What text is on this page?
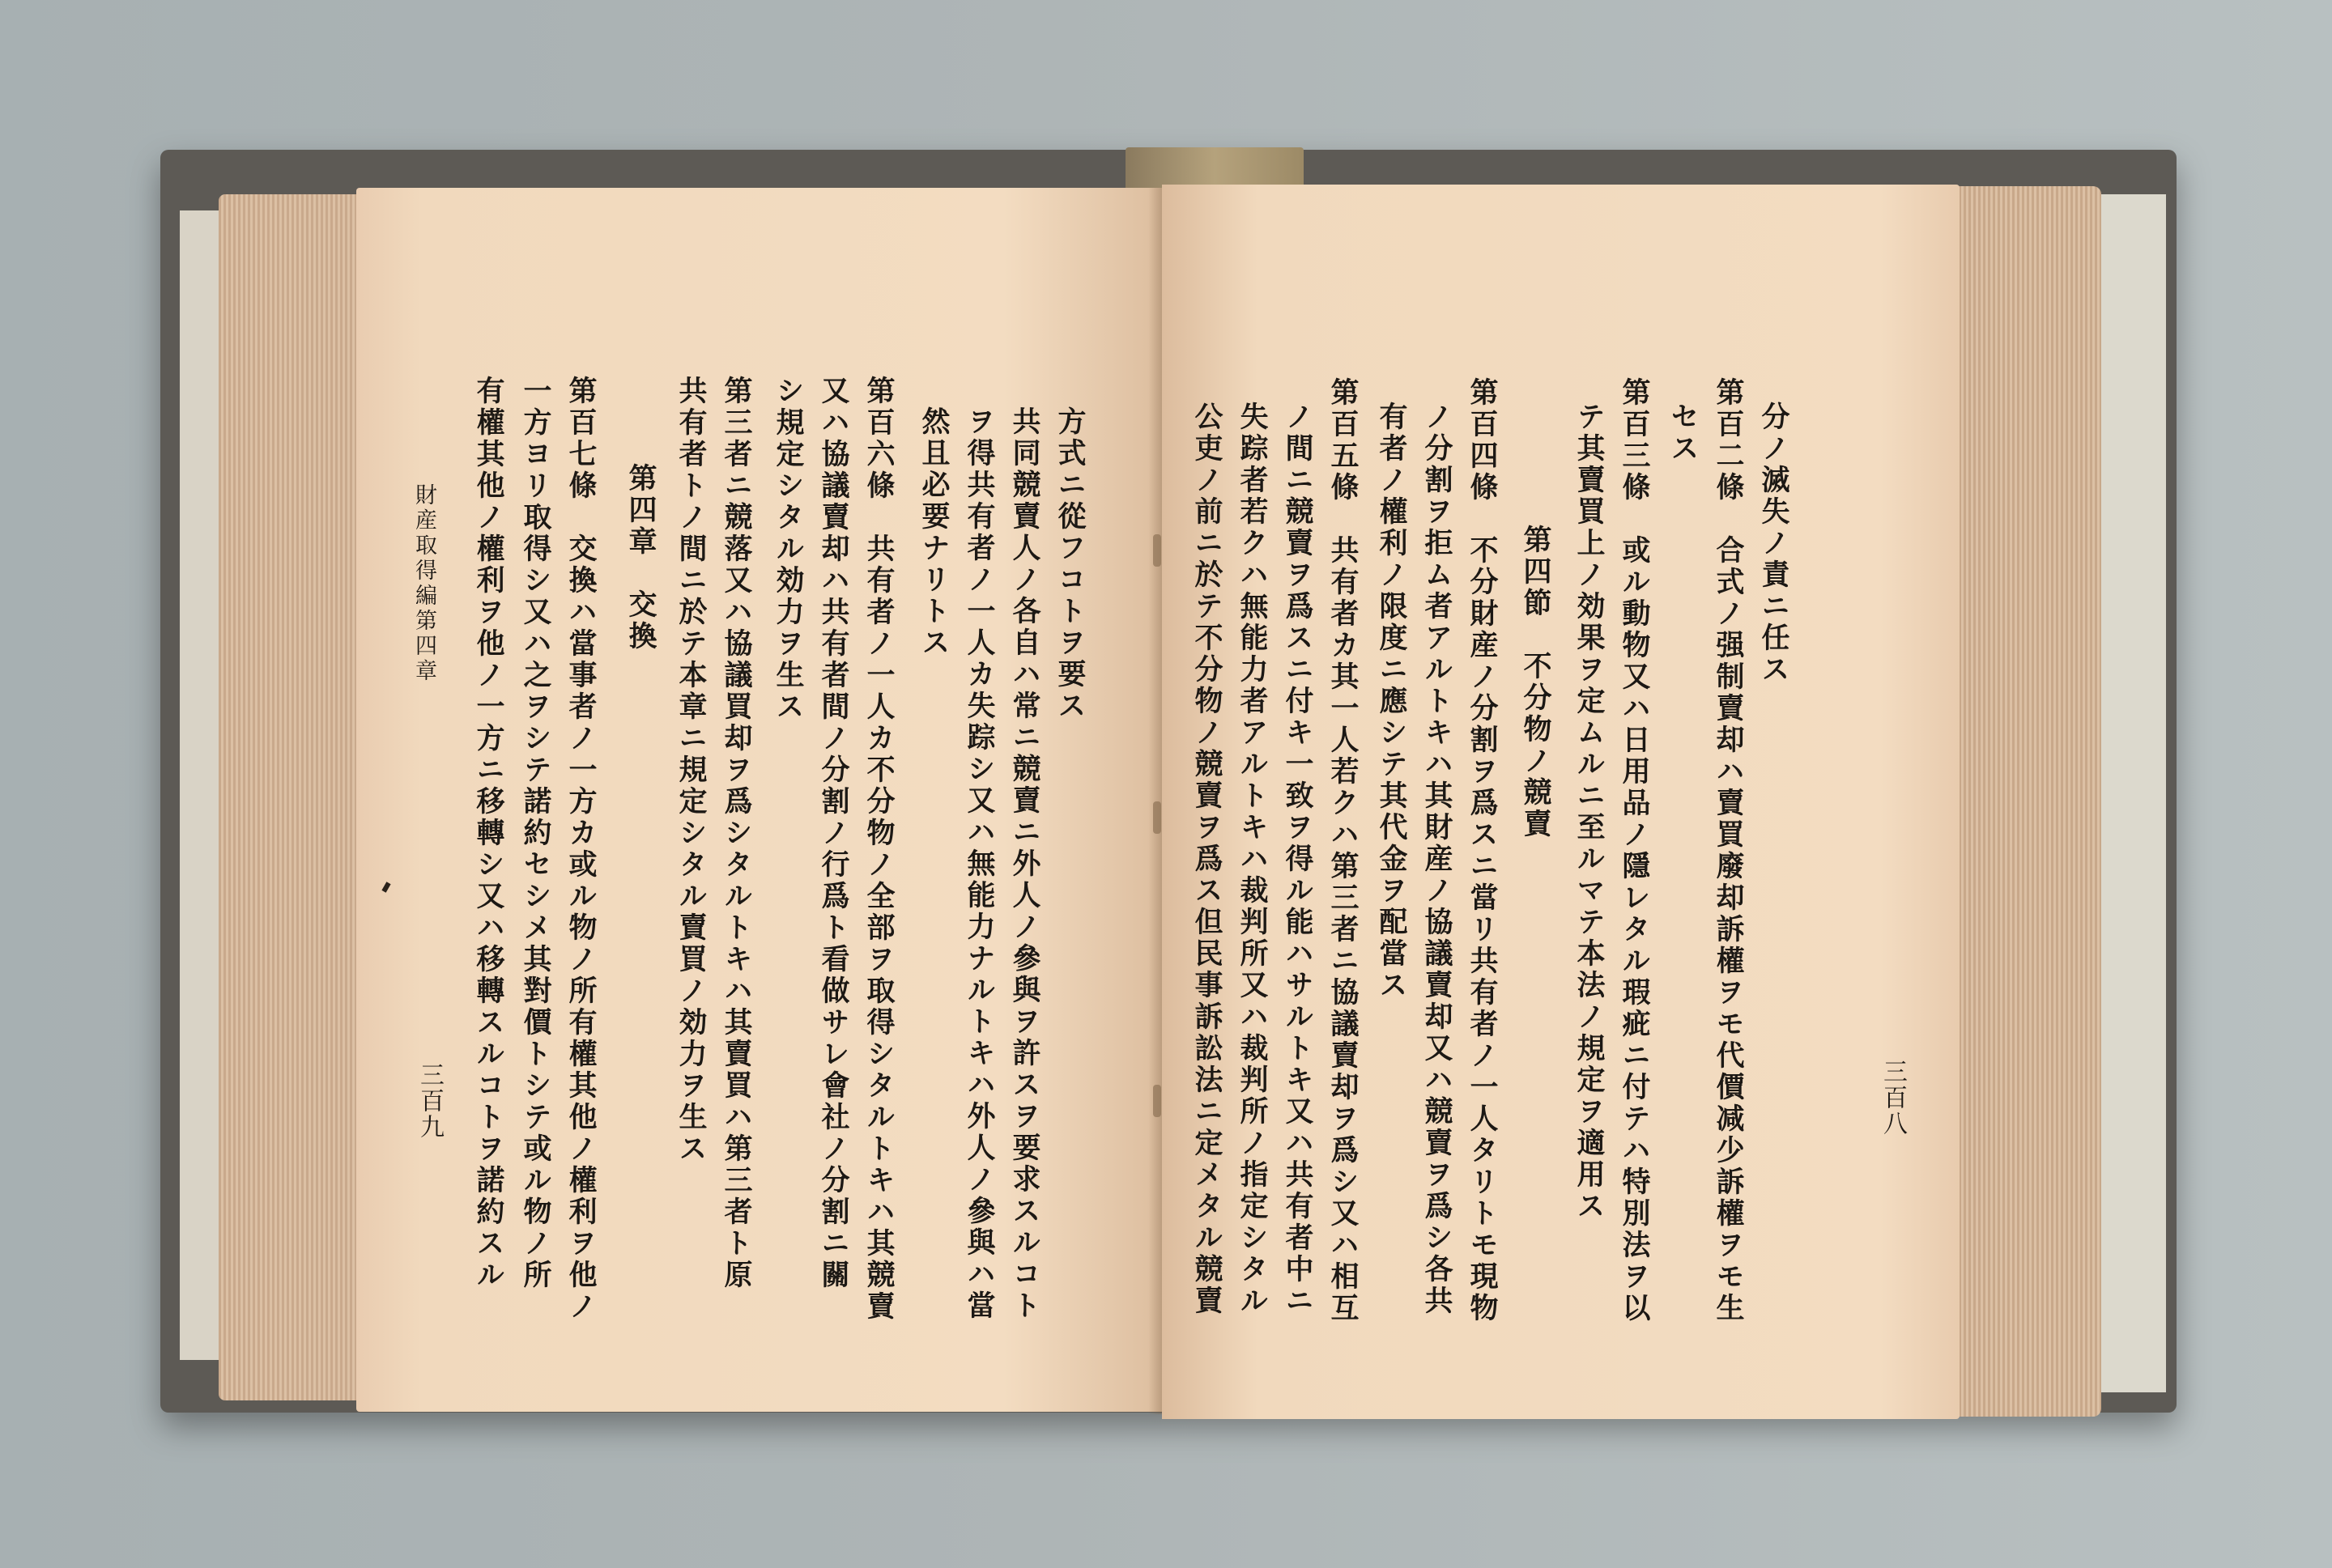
方式ニ從フコトヲ要ス
共同競賣人ノ各自ハ常ニ競賣ニ外人ノ參與ヲ許スヲ要求スルコト
ヲ得共有者ノ一人カ失踪シ又ハ無能力ナルトキハ外人ノ參與ハ當
然且必要ナリトス
第百六條　共有者ノ一人カ不分物ノ全部ヲ取得シタルトキハ其競賣
又ハ協議賣却ハ共有者間ノ分割ノ行爲ト看做サレ會社ノ分割ニ關
シ規定シタル効力ヲ生ス
第三者ニ競落又ハ協議買却ヲ爲シタルトキハ其賣買ハ第三者ト原
共有者トノ間ニ於テ本章ニ規定シタル賣買ノ効力ヲ生ス
第四章　交換
第百七條　交換ハ當事者ノ一方カ或ル物ノ所有權其他ノ權利ヲ他ノ
一方ヨリ取得シ又ハ之ヲシテ諾約セシメ其對價トシテ或ル物ノ所
有權其他ノ權利ヲ他ノ一方ニ移轉シ又ハ移轉スルコトヲ諾約スル
財産取得編第四章
三百九
分ノ滅失ノ責ニ任ス
第百二條　合式ノ强制賣却ハ賣買廢却訴權ヲモ代價减少訴權ヲモ生
セス
第百三條　或ル動物又ハ日用品ノ隱レタル瑕疵ニ付テハ特別法ヲ以
テ其賣買上ノ効果ヲ定ムルニ至ルマテ本法ノ規定ヲ適用ス
第四節　不分物ノ競賣
第百四條　不分財産ノ分割ヲ爲スニ當リ共有者ノ一人タリトモ現物
ノ分割ヲ拒ム者アルトキハ其財産ノ協議賣却又ハ競賣ヲ爲シ各共
有者ノ權利ノ限度ニ應シテ其代金ヲ配當ス
第百五條　共有者カ其一人若クハ第三者ニ協議賣却ヲ爲シ又ハ相互
ノ間ニ競賣ヲ爲スニ付キ一致ヲ得ル能ハサルトキ又ハ共有者中ニ
失踪者若クハ無能力者アルトキハ裁判所又ハ裁判所ノ指定シタル
公吏ノ前ニ於テ不分物ノ競賣ヲ爲ス但民事訴訟法ニ定メタル競賣	三百八
